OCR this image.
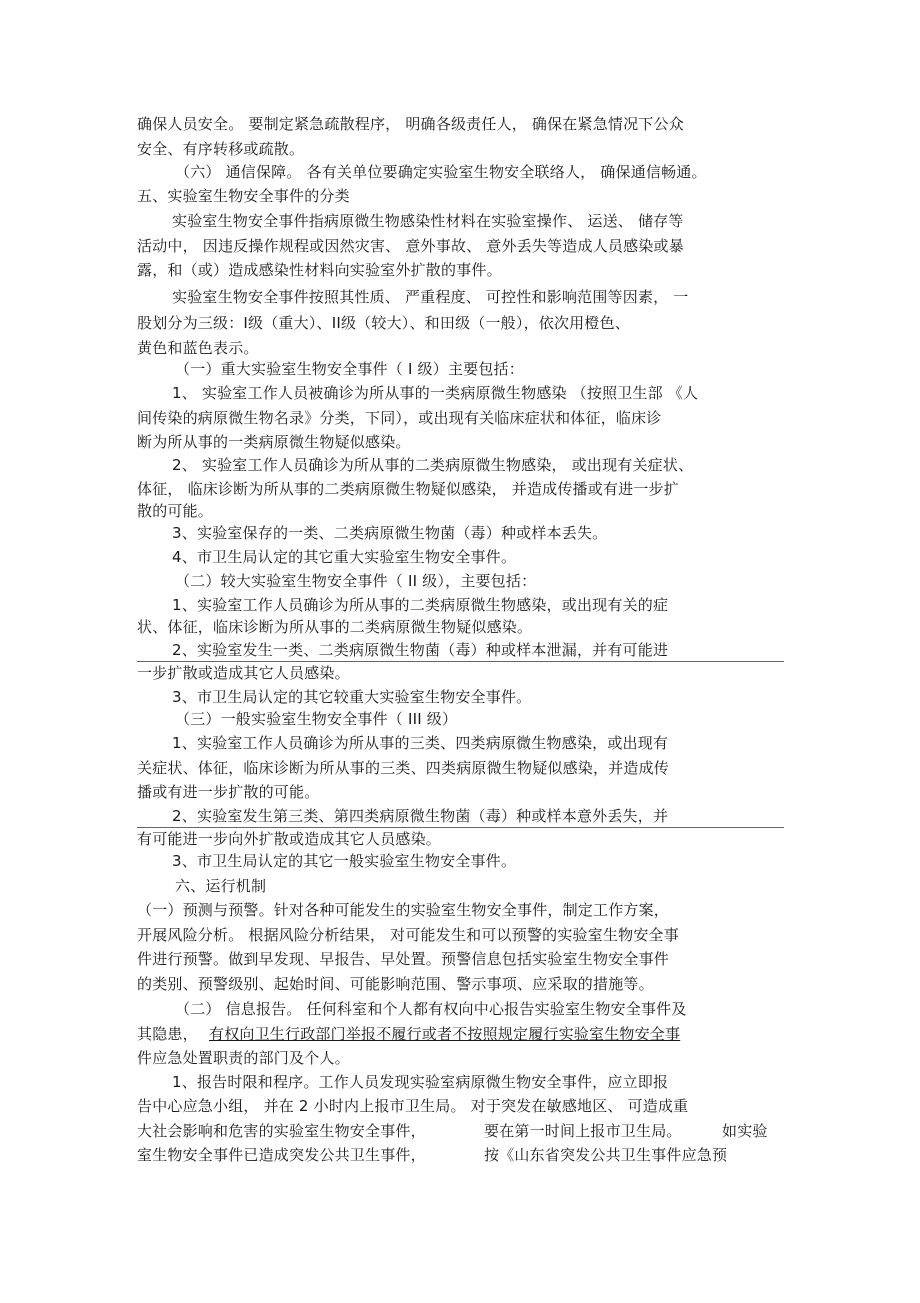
确保人员安全。 要制定紧急疏散程序， 明确各级责任人， 确保在紧急情况下公众
安全、有序转移或疏散。
（六） 通信保障。 各有关单位要确定实验室生物安全联络人， 确保通信畅通。
五、实验室生物安全事件的分类
实验室生物安全事件指病原微生物感染性材料在实验室操作、 运送、 储存等
活动中， 因违反操作规程或因然灾害、 意外事故、 意外丢失等造成人员感染或暴
露，和（或）造成感染性材料向实验室外扩散的事件。
实验室生物安全事件按照其性质、 严重程度、 可控性和影响范围等因素， 一
股划分为三级：I级（重大）、II级（较大）、和田级（一般），依次用橙色、
黄色和蓝色表示。
（一）重大实验室生物安全事件（ I 级）主要包括：
1、 实验室工作人员被确诊为所从事的一类病原微生物感染 （按照卫生部 《人
间传染的病原微生物名录》分类，下同），或出现有关临床症状和体征，临床诊
断为所从事的一类病原微生物疑似感染。
2、 实验室工作人员确诊为所从事的二类病原微生物感染， 或出现有关症状、
体征， 临床诊断为所从事的二类病原微生物疑似感染， 并造成传播或有进一步扩
散的可能。
3、实验室保存的一类、二类病原微生物菌（毒）种或样本丢失。
4、市卫生局认定的其它重大实验室生物安全事件。
（二）较大实验室生物安全事件（ II 级），主要包括：
1、实验室工作人员确诊为所从事的二类病原微生物感染，或出现有关的症
状、体征，临床诊断为所从事的二类病原微生物疑似感染。
2、实验室发生一类、二类病原微生物菌（毒）种或样本泄漏，并有可能进
一步扩散或造成其它人员感染。
3、市卫生局认定的其它较重大实验室生物安全事件。
（三）一般实验室生物安全事件（ III 级）
1、实验室工作人员确诊为所从事的三类、四类病原微生物感染，或出现有
关症状、体征，临床诊断为所从事的三类、四类病原微生物疑似感染，并造成传
播或有进一步扩散的可能。
2、实验室发生第三类、第四类病原微生物菌（毒）种或样本意外丢失，并
有可能进一步向外扩散或造成其它人员感染。
3、市卫生局认定的其它一般实验室生物安全事件。
六、运行机制
（一）预测与预警。针对各种可能发生的实验室生物安全事件，制定工作方案，
开展风险分析。 根据风险分析结果， 对可能发生和可以预警的实验室生物安全事
件进行预警。做到早发现、早报告、早处置。预警信息包括实验室生物安全事件
的类别、预警级别、起始时间、可能影响范围、警示事项、应采取的措施等。
（二） 信息报告。 任何科室和个人都有权向中心报告实验室生物安全事件及
其隐患， 有权向卫生行政部门举报不履行或者不按照规定履行实验室生物安全事
件应急处置职责的部门及个人。
1、报告时限和程序。工作人员发现实验室病原微生物安全事件，应立即报
告中心应急小组， 并在 2 小时内上报市卫生局。 对于突发在敏感地区、 可造成重
大社会影响和危害的实验室生物安全事件，	要在第一时间上报市卫生局。	如实验
室生物安全事件已造成突发公共卫生事件，	按《山东省突发公共卫生事件应急预
